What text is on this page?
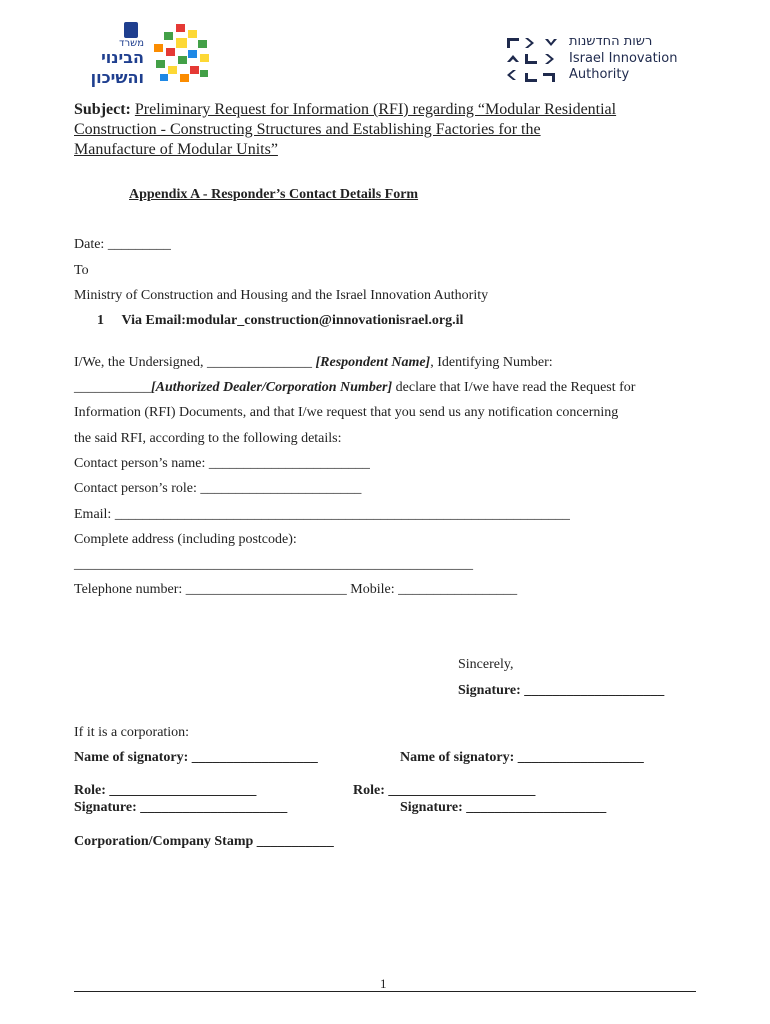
משרד
הבינוי
והשיכון
רשות החדשנות
Israel Innovation
Authority
Subject: Preliminary Request for Information (RFI) regarding “Modular Residential
Construction - Constructing Structures and Establishing Factories for the
Manufacture of Modular Units”
Appendix A - Responder’s Contact Details Form
Date: _________
To
Ministry of Construction and Housing and the Israel Innovation Authority
1 Via Email:modular_construction@innovationisrael.org.il
I/We, the Undersigned, _______________ [Respondent Name], Identifying Number:
___________[Authorized Dealer/Corporation Number] declare that I/we have read the Request for
Information (RFI) Documents, and that I/we request that you send us any notification concerning
the said RFI, according to the following details:
Contact person’s name: _______________________
Contact person’s role: _______________________
Email: _________________________________________________________________
Complete address (including postcode):
_________________________________________________________
Telephone number: _______________________ Mobile: _________________
Sincerely,
Signature: ____________________
If it is a corporation:
Name of signatory: __________________	Name of signatory: __________________
Role: _____________________	Role: _____________________
Signature: _____________________	Signature: ____________________
Corporation/Company Stamp ___________
1
